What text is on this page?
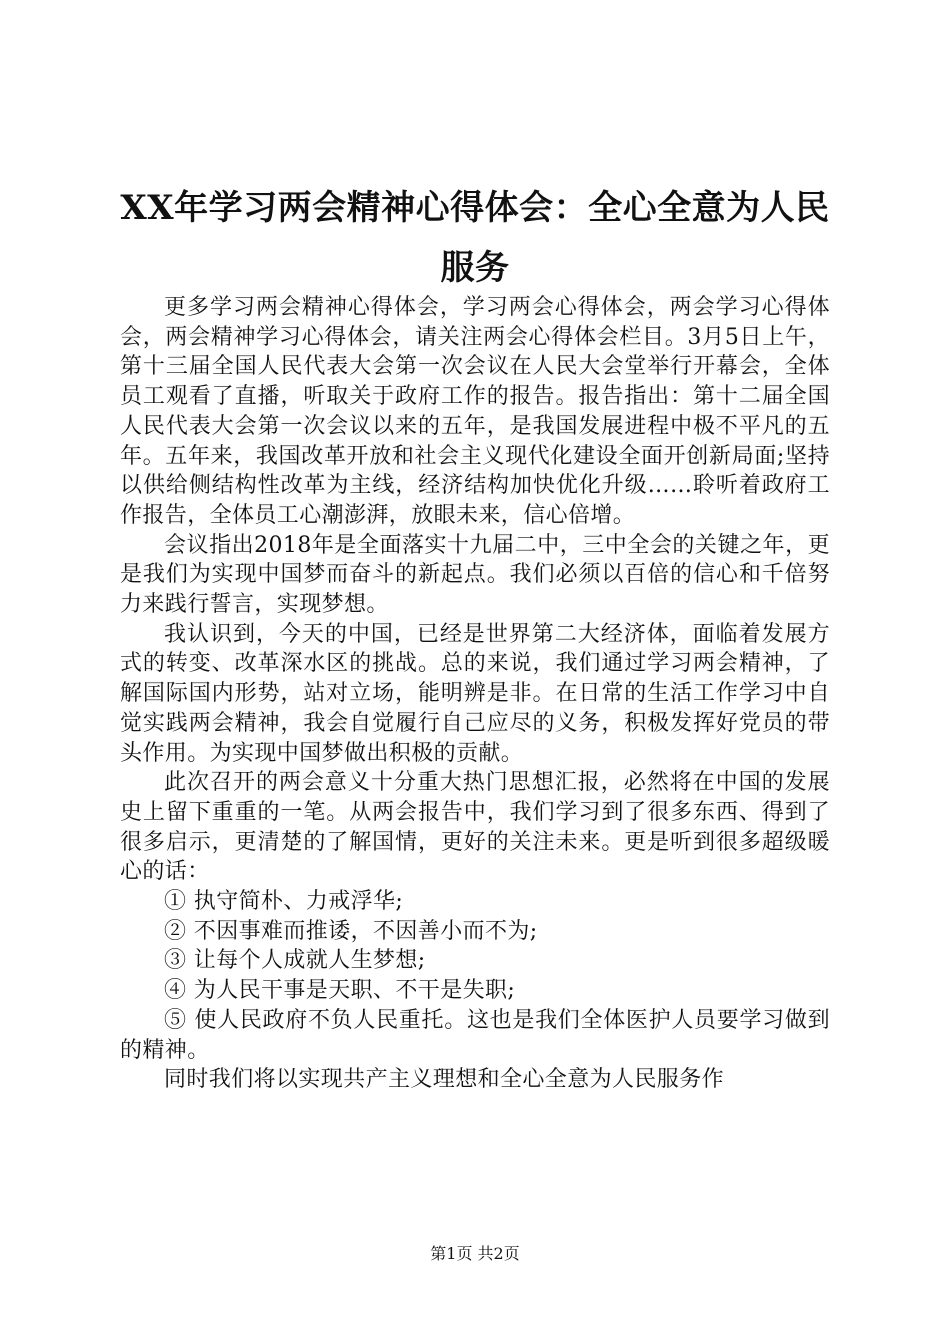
XX年学习两会精神心得体会：全心全意为人民服务

更多学习两会精神心得体会，学习两会心得体会，两会学习心得体会，两会精神学习心得体会，请关注两会心得体会栏目。3月5日上午，第十三届全国人民代表大会第一次会议在人民大会堂举行开幕会，全体员工观看了直播，听取关于政府工作的报告。报告指出：第十二届全国人民代表大会第一次会议以来的五年，是我国发展进程中极不平凡的五年。五年来，我国改革开放和社会主义现代化建设全面开创新局面;坚持以供给侧结构性改革为主线，经济结构加快优化升级……聆听着政府工作报告，全体员工心潮澎湃，放眼未来，信心倍增。

会议指出2018年是全面落实十九届二中，三中全会的关键之年，更是我们为实现中国梦而奋斗的新起点。我们必须以百倍的信心和千倍努力来践行誓言，实现梦想。

我认识到，今天的中国，已经是世界第二大经济体，面临着发展方式的转变、改革深水区的挑战。总的来说，我们通过学习两会精神，了解国际国内形势，站对立场，能明辨是非。在日常的生活工作学习中自觉实践两会精神，我会自觉履行自己应尽的义务，积极发挥好党员的带头作用。为实现中国梦做出积极的贡献。

此次召开的两会意义十分重大热门思想汇报，必然将在中国的发展史上留下重重的一笔。从两会报告中，我们学习到了很多东西、得到了很多启示，更清楚的了解国情，更好的关注未来。更是听到很多超级暖心的话：

① 执守简朴、力戒浮华;

② 不因事难而推诿，不因善小而不为;

③ 让每个人成就人生梦想;

④ 为人民干事是天职、不干是失职;

⑤ 使人民政府不负人民重托。这也是我们全体医护人员要学习做到的精神。

同时我们将以实现共产主义理想和全心全意为人民服务作

第1页 共2页
